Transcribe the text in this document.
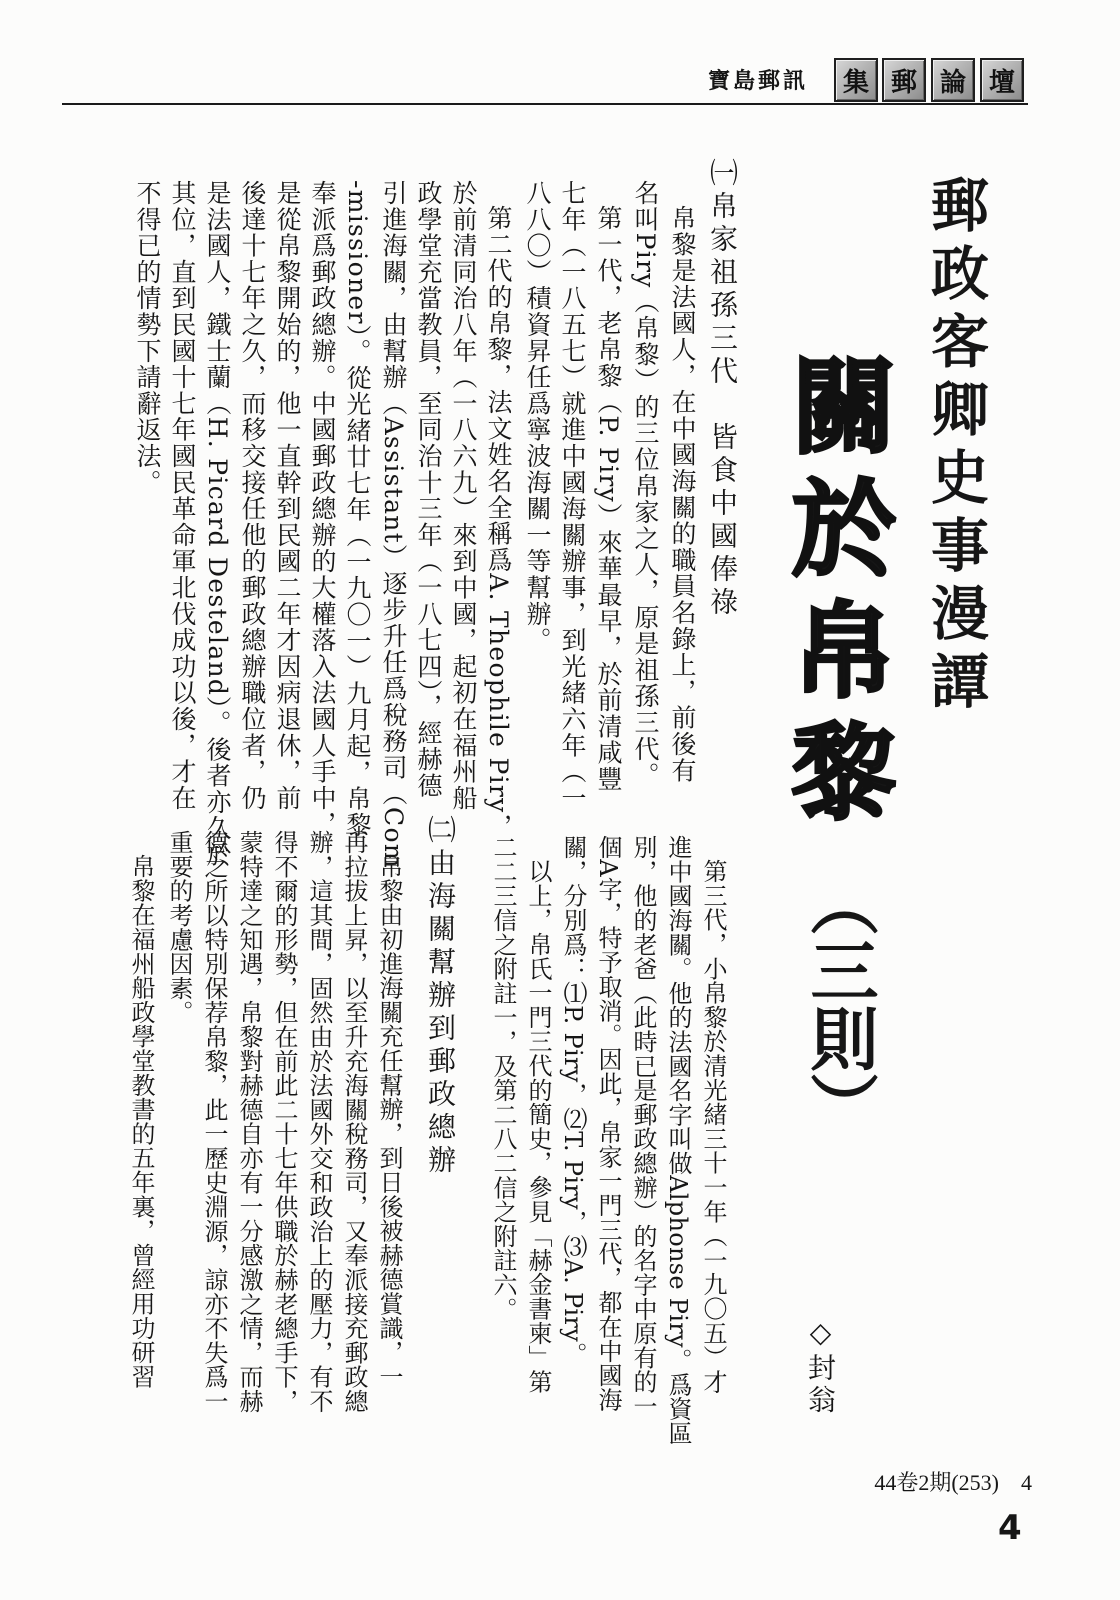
寶島郵訊	集 郵 論 壇
郵政客卿史事漫譚
關於帛黎
（三則）
◇封翁
㈠帛家祖孫三代　皆食中國俸祿
帛黎是法國人，在中國海關的職員名錄上，前後有
名叫Piry（帛黎）的三位帛家之人，原是祖孫三代。
第一代，老帛黎（P. Piry）來華最早，於前清咸豐
七年（一八五七）就進中國海關辦事，到光緒六年（一
八八〇）積資昇任爲寧波海關一等幫辦。
第二代的帛黎，法文姓名全稱爲A. Theophile Piry，
於前清同治八年（一八六九）來到中國，起初在福州船
政學堂充當教員，至同治十三年（一八七四），經赫德
引進海關，由幫辦（Assistant）逐步升任爲稅務司（Com
-missioner）。從光緒廿七年（一九〇一）九月起，帛黎
奉派爲郵政總辦。中國郵政總辦的大權落入法國人手中，
是從帛黎開始的，他一直幹到民國二年才因病退休，前
後達十七年之久，而移交接任他的郵政總辦職位者，仍
是法國人，鐵士蘭（H. Picard Desteland）。後者亦久於
其位，直到民國十七年國民革命軍北伐成功以後，才在
不得已的情勢下請辭返法。
第三代，小帛黎於清光緒三十一年（一九〇五）才
進中國海關。他的法國名字叫做Alphonse Piry。爲資區
別，他的老爸（此時已是郵政總辦）的名字中原有的一
個A字，特予取消。因此，帛家一門三代，都在中國海
關，分別爲：⑴P. Piry，⑵T. Piry，⑶A. Piry。
以上，帛氏一門三代的簡史，參見「赫金書柬」第
二二三信之附註一，及第二八二信之附註六。
㈡由海關幫辦到郵政總辦
帛黎由初進海關充任幫辦，到日後被赫德賞識，一
再拉拔上昇，以至升充海關稅務司，又奉派接充郵政總
辦，這其間，固然由於法國外交和政治上的壓力，有不
得不爾的形勢，但在前此二十七年供職於赫老總手下，
蒙特達之知遇，帛黎對赫德自亦有一分感激之情，而赫
德之所以特別保荐帛黎，此一歷史淵源，諒亦不失爲一
重要的考慮因素。
帛黎在福州船政學堂教書的五年裏，曾經用功研習
44卷2期(253)　4
4
